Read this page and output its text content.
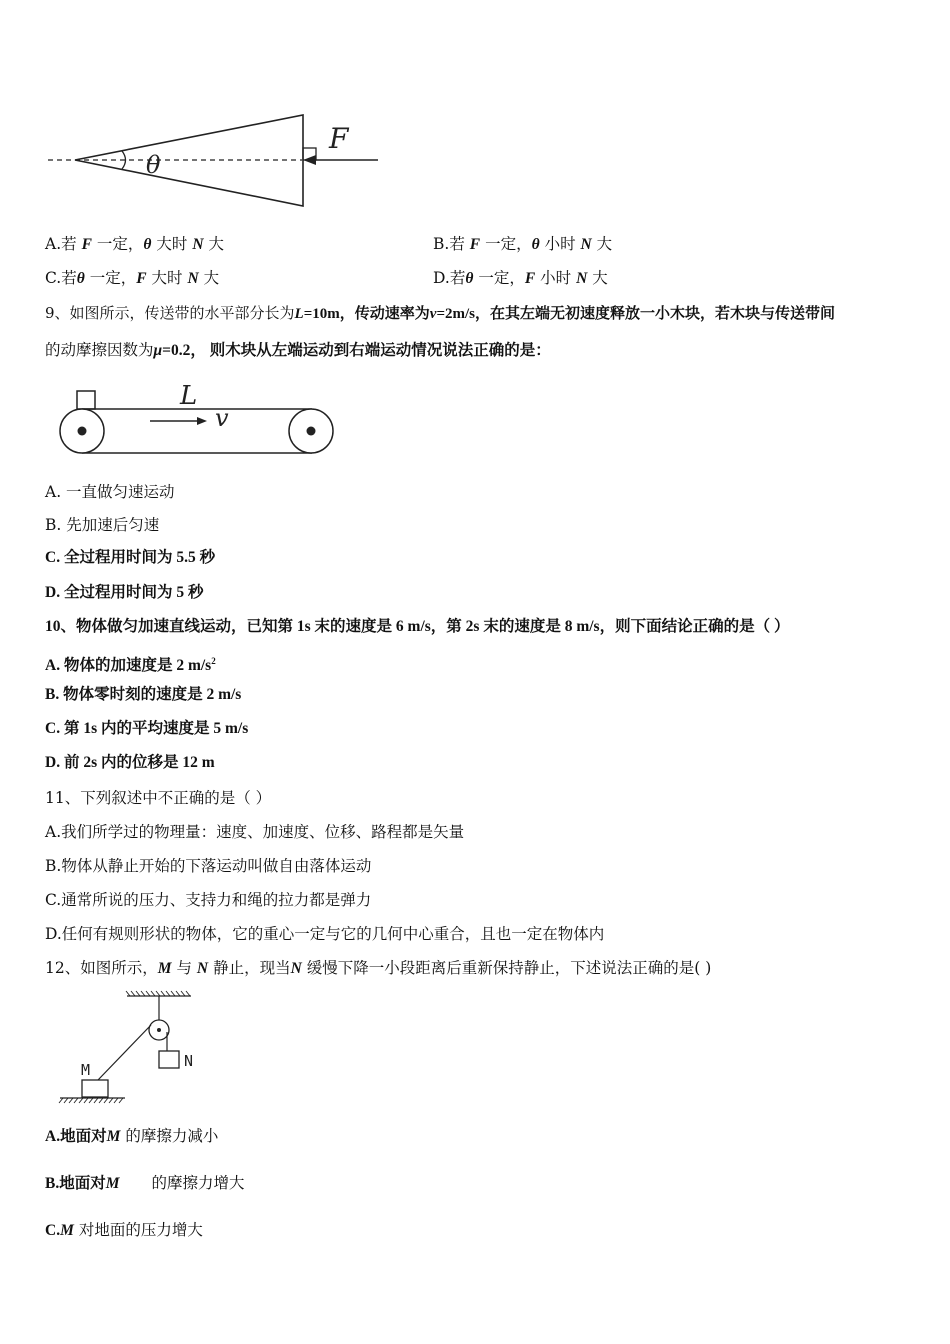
F
θ
A.若 F 一定，θ 大时 N 大	B.若 F 一定，θ 小时 N 大
C.若θ 一定，F 大时 N 大	D.若θ 一定，F 小时 N 大
9、如图所示，传送带的水平部分长为L=10m，传动速率为v=2m/s，在其左端无初速度释放一小木块，若木块与传送带间
的动摩擦因数为μ=0.2， 则木块从左端运动到右端运动情况说法正确的是：
L
v
A. 一直做匀速运动
B. 先加速后匀速
C. 全过程用时间为 5.5 秒
D. 全过程用时间为 5 秒
10、物体做匀加速直线运动，已知第 1s 末的速度是 6 m/s，第 2s 末的速度是 8 m/s，则下面结论正确的是（ ）
A. 物体的加速度是 2 $m/s^2$
B. 物体零时刻的速度是 2 m/s
C. 第 1s 内的平均速度是 5 m/s
D. 前 2s 内的位移是 12 m
11、下列叙述中不正确的是（ ）
A.我们所学过的物理量：速度、加速度、位移、路程都是矢量
B.物体从静止开始的下落运动叫做自由落体运动
C.通常所说的压力、支持力和绳的拉力都是弹力
D.任何有规则形状的物体，它的重心一定与它的几何中心重合，且也一定在物体内
12、如图所示，M 与 N 静止，现当N 缓慢下降一小段距离后重新保持静止，下述说法正确的是( )
M	N
A.地面对M 的摩擦力减小
B.地面对M 的摩擦力增大
C.M 对地面的压力增大
